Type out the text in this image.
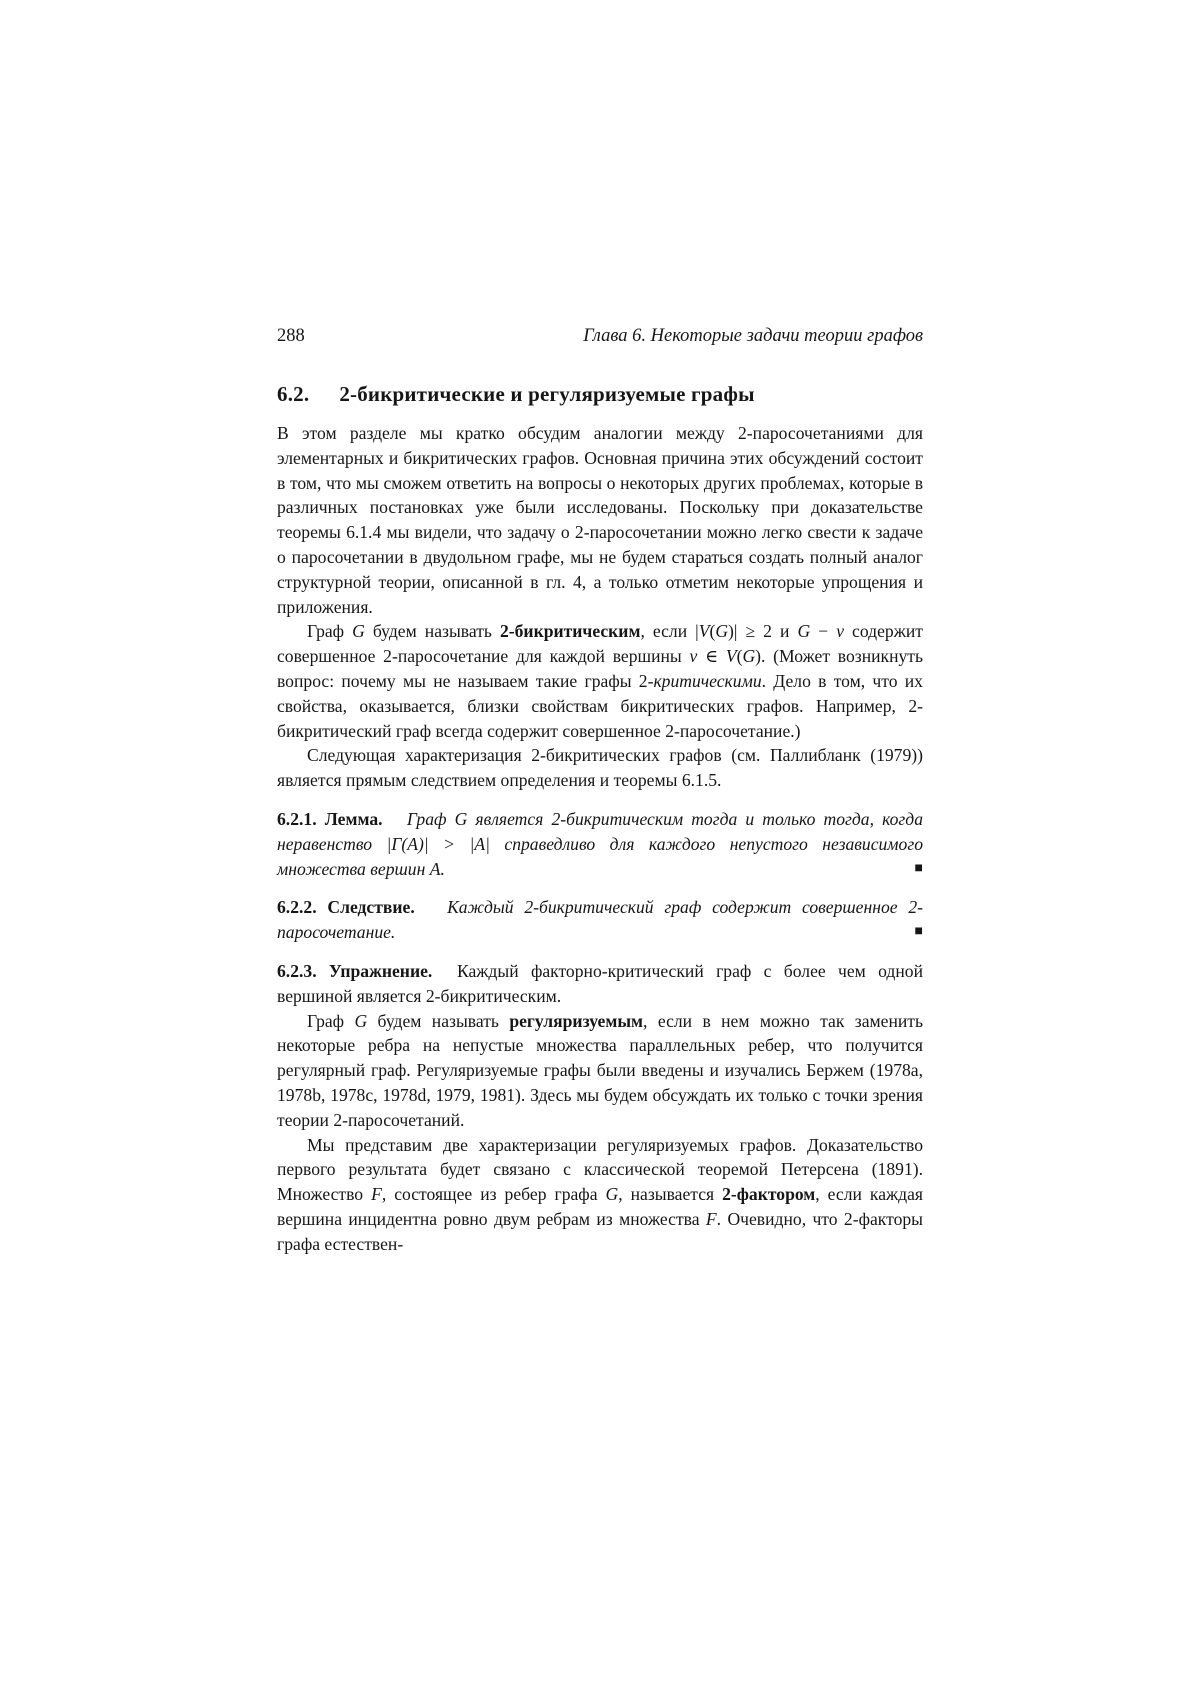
288	Глава 6. Некоторые задачи теории графов
6.2. 2-бикритические и регуляризуемые графы

В этом разделе мы кратко обсудим аналогии между 2-паросочетаниями для элементарных и бикритических графов. Основная причина этих обсуждений состоит в том, что мы сможем ответить на вопросы о некоторых других проблемах, которые в различных постановках уже были исследованы. Поскольку при доказательстве теоремы 6.1.4 мы видели, что задачу о 2-паросочетании можно легко свести к задаче о паросочетании в двудольном графе, мы не будем стараться создать полный аналог структурной теории, описанной в гл. 4, а только отметим некоторые упрощения и приложения.

Граф G будем называть 2-бикритическим, если |V(G)| ≥ 2 и G − v содержит совершенное 2-паросочетание для каждой вершины v ∈ V(G). (Может возникнуть вопрос: почему мы не называем такие графы 2-критическими. Дело в том, что их свойства, оказывается, близки свойствам бикритических графов. Например, 2-бикритический граф всегда содержит совершенное 2-паросочетание.)

Следующая характеризация 2-бикритических графов (см. Паллибланк (1979)) является прямым следствием определения и теоремы 6.1.5.

6.2.1. Лемма. Граф G является 2-бикритическим тогда и только тогда, когда неравенство |Γ(A)| > |A| справедливо для каждого непустого независимого множества вершин A.	■

6.2.2. Следствие. Каждый 2-бикритический граф содержит совершенное 2-паросочетание.	■

6.2.3. Упражнение. Каждый факторно-критический граф с более чем одной вершиной является 2-бикритическим.

Граф G будем называть регуляризуемым, если в нем можно так заменить некоторые ребра на непустые множества параллельных ребер, что получится регулярный граф. Регуляризуемые графы были введены и изучались Бержем (1978a, 1978b, 1978c, 1978d, 1979, 1981). Здесь мы будем обсуждать их только с точки зрения теории 2-паросочетаний.

Мы представим две характеризации регуляризуемых графов. Доказательство первого результата будет связано с классической теоремой Петерсена (1891). Множество F, состоящее из ребер графа G, называется 2-фактором, если каждая вершина инцидентна ровно двум ребрам из множества F. Очевидно, что 2-факторы графа естествен-
